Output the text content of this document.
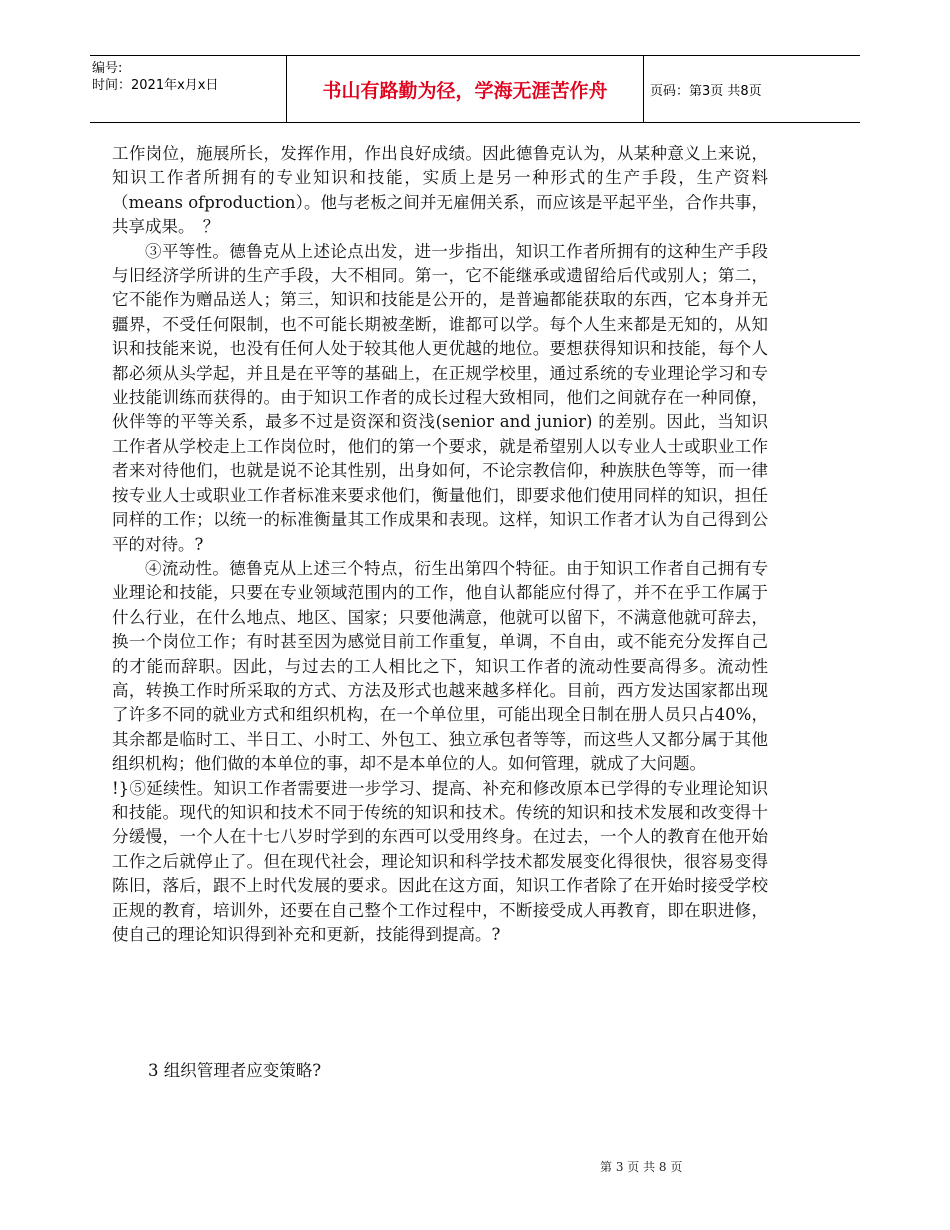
编号:
时间：2021年x月x日	书山有路勤为径，学海无涯苦作舟	页码：第3页 共8页

工作岗位，施展所长，发挥作用，作出良好成绩。因此德鲁克认为，从某种意义上来说，知识工作者所拥有的专业知识和技能，实质上是另一种形式的生产手段，生产资料（means ofproduction）。他与老板之间并无雇佣关系，而应该是平起平坐，合作共事，共享成果。　？

③平等性。德鲁克从上述论点出发，进一步指出，知识工作者所拥有的这种生产手段与旧经济学所讲的生产手段，大不相同。第一，它不能继承或遗留给后代或别人；第二，它不能作为赠品送人；第三，知识和技能是公开的，是普遍都能获取的东西，它本身并无疆界，不受任何限制，也不可能长期被垄断，谁都可以学。每个人生来都是无知的，从知识和技能来说，也没有任何人处于较其他人更优越的地位。要想获得知识和技能，每个人都必须从头学起，并且是在平等的基础上，在正规学校里，通过系统的专业理论学习和专业技能训练而获得的。由于知识工作者的成长过程大致相同，他们之间就存在一种同僚，伙伴等的平等关系，最多不过是资深和资浅(senior and junior) 的差别。因此，当知识工作者从学校走上工作岗位时，他们的第一个要求，就是希望别人以专业人士或职业工作者来对待他们，也就是说不论其性别，出身如何，不论宗教信仰，种族肤色等等，而一律按专业人士或职业工作者标准来要求他们，衡量他们，即要求他们使用同样的知识，担任同样的工作；以统一的标准衡量其工作成果和表现。这样，知识工作者才认为自己得到公平的对待。?

④流动性。德鲁克从上述三个特点，衍生出第四个特征。由于知识工作者自己拥有专业理论和技能，只要在专业领域范围内的工作，他自认都能应付得了，并不在乎工作属于什么行业，在什么地点、地区、国家；只要他满意，他就可以留下，不满意他就可辞去，换一个岗位工作；有时甚至因为感觉目前工作重复，单调，不自由，或不能充分发挥自己的才能而辞职。因此，与过去的工人相比之下，知识工作者的流动性要高得多。流动性高，转换工作时所采取的方式、方法及形式也越来越多样化。目前，西方发达国家都出现了许多不同的就业方式和组织机构，在一个单位里，可能出现全日制在册人员只占40%，其余都是临时工、半日工、小时工、外包工、独立承包者等等，而这些人又都分属于其他组织机构；他们做的本单位的事，却不是本单位的人。如何管理，就成了大问题。

!}⑤延续性。知识工作者需要进一步学习、提高、补充和修改原本已学得的专业理论知识和技能。现代的知识和技术不同于传统的知识和技术。传统的知识和技术发展和改变得十分缓慢，一个人在十七八岁时学到的东西可以受用终身。在过去，一个人的教育在他开始工作之后就停止了。但在现代社会，理论知识和科学技术都发展变化得很快，很容易变得陈旧，落后，跟不上时代发展的要求。因此在这方面，知识工作者除了在开始时接受学校正规的教育，培训外，还要在自己整个工作过程中，不断接受成人再教育，即在职进修，使自己的理论知识得到补充和更新，技能得到提高。?

3 组织管理者应变策略?
第 3 页 共 8 页
